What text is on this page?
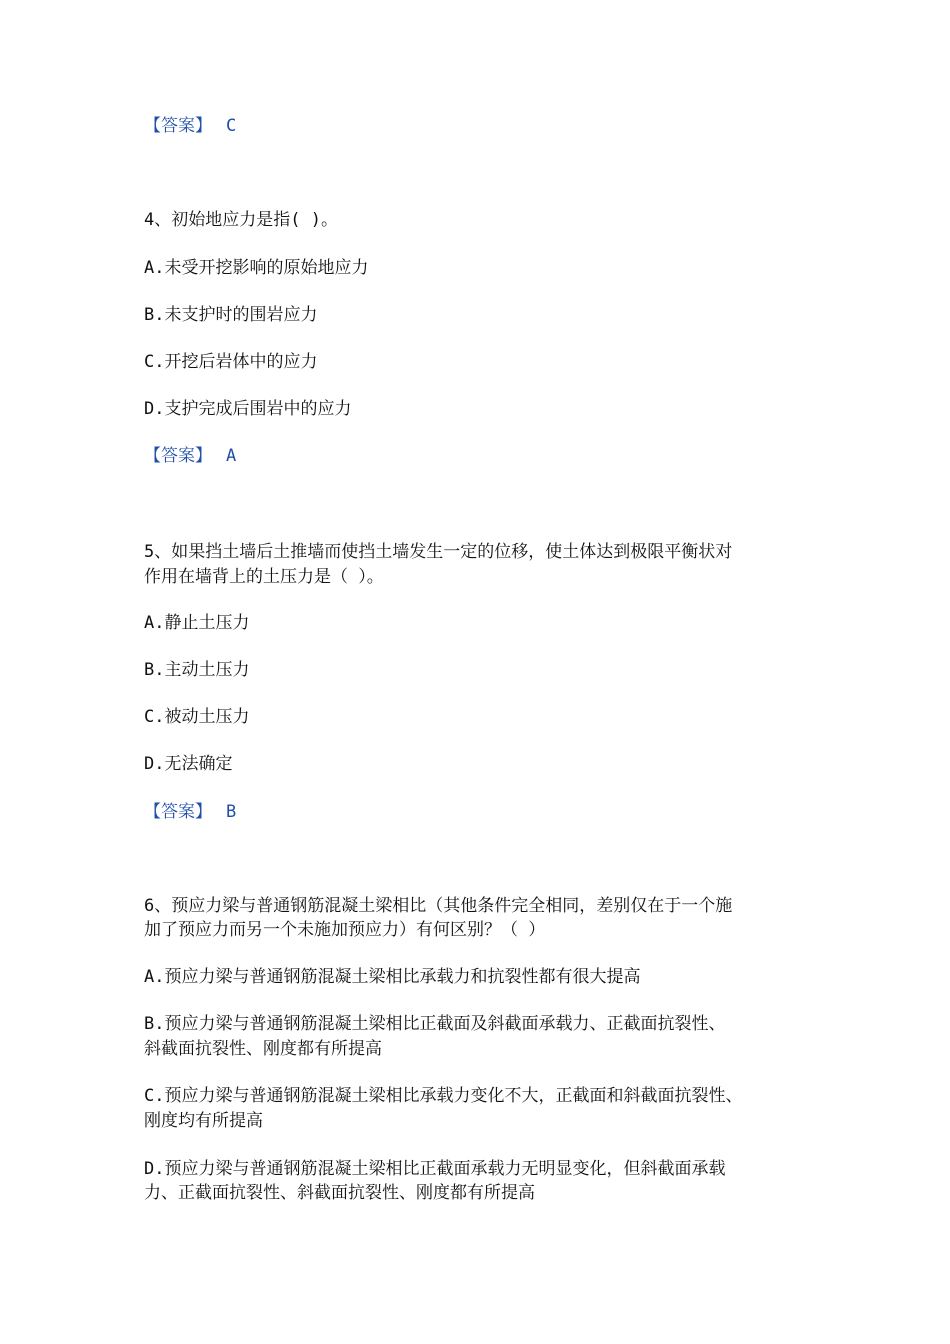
【答案】 C
4、初始地应力是指( )。
A.未受开挖影响的原始地应力
B.未支护时的围岩应力
C.开挖后岩体中的应力
D.支护完成后围岩中的应力
【答案】 A
5、如果挡土墙后土推墙而使挡土墙发生一定的位移，使土体达到极限平衡状对
作用在墙背上的土压力是（ ）。
A.静止土压力
B.主动土压力
C.被动土压力
D.无法确定
【答案】 B
6、预应力梁与普通钢筋混凝土梁相比（其他条件完全相同，差别仅在于一个施
加了预应力而另一个未施加预应力）有何区别？（ ）
A.预应力梁与普通钢筋混凝土梁相比承载力和抗裂性都有很大提高
B.预应力梁与普通钢筋混凝土梁相比正截面及斜截面承载力、正截面抗裂性、
斜截面抗裂性、刚度都有所提高
C.预应力梁与普通钢筋混凝土梁相比承载力变化不大，正截面和斜截面抗裂性、
刚度均有所提高
D.预应力梁与普通钢筋混凝土梁相比正截面承载力无明显变化，但斜截面承载
力、正截面抗裂性、斜截面抗裂性、刚度都有所提高
